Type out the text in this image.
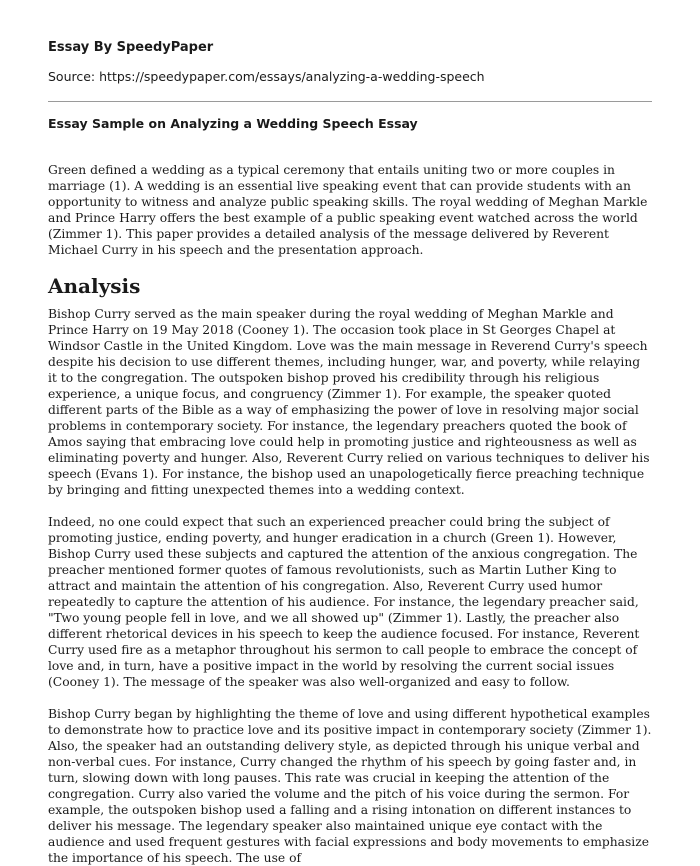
Essay By SpeedyPaper
Source: https://speedypaper.com/essays/analyzing-a-wedding-speech
Essay Sample on Analyzing a Wedding Speech Essay

Green defined a wedding as a typical ceremony that entails uniting two or more couples in marriage (1). A wedding is an essential live speaking event that can provide students with an opportunity to witness and analyze public speaking skills. The royal wedding of Meghan Markle and Prince Harry offers the best example of a public speaking event watched across the world (Zimmer 1). This paper provides a detailed analysis of the message delivered by Reverent Michael Curry in his speech and the presentation approach.

Analysis

Bishop Curry served as the main speaker during the royal wedding of Meghan Markle and Prince Harry on 19 May 2018 (Cooney 1). The occasion took place in St Georges Chapel at Windsor Castle in the United Kingdom. Love was the main message in Reverend Curry's speech despite his decision to use different themes, including hunger, war, and poverty, while relaying it to the congregation. The outspoken bishop proved his credibility through his religious experience, a unique focus, and congruency (Zimmer 1). For example, the speaker quoted different parts of the Bible as a way of emphasizing the power of love in resolving major social problems in contemporary society. For instance, the legendary preachers quoted the book of Amos saying that embracing love could help in promoting justice and righteousness as well as eliminating poverty and hunger. Also, Reverent Curry relied on various techniques to deliver his speech (Evans 1). For instance, the bishop used an unapologetically fierce preaching technique by bringing and fitting unexpected themes into a wedding context.

Indeed, no one could expect that such an experienced preacher could bring the subject of promoting justice, ending poverty, and hunger eradication in a church (Green 1). However, Bishop Curry used these subjects and captured the attention of the anxious congregation. The preacher mentioned former quotes of famous revolutionists, such as Martin Luther King to attract and maintain the attention of his congregation. Also, Reverent Curry used humor repeatedly to capture the attention of his audience. For instance, the legendary preacher said, "Two young people fell in love, and we all showed up" (Zimmer 1). Lastly, the preacher also different rhetorical devices in his speech to keep the audience focused. For instance, Reverent Curry used fire as a metaphor throughout his sermon to call people to embrace the concept of love and, in turn, have a positive impact in the world by resolving the current social issues (Cooney 1). The message of the speaker was also well-organized and easy to follow.

Bishop Curry began by highlighting the theme of love and using different hypothetical examples to demonstrate how to practice love and its positive impact in contemporary society (Zimmer 1). Also, the speaker had an outstanding delivery style, as depicted through his unique verbal and non-verbal cues. For instance, Curry changed the rhythm of his speech by going faster and, in turn, slowing down with long pauses. This rate was crucial in keeping the attention of the congregation. Curry also varied the volume and the pitch of his voice during the sermon. For example, the outspoken bishop used a falling and a rising intonation on different instances to deliver his message. The legendary speaker also maintained unique eye contact with the audience and used frequent gestures with facial expressions and body movements to emphasize the importance of his speech. The use of
